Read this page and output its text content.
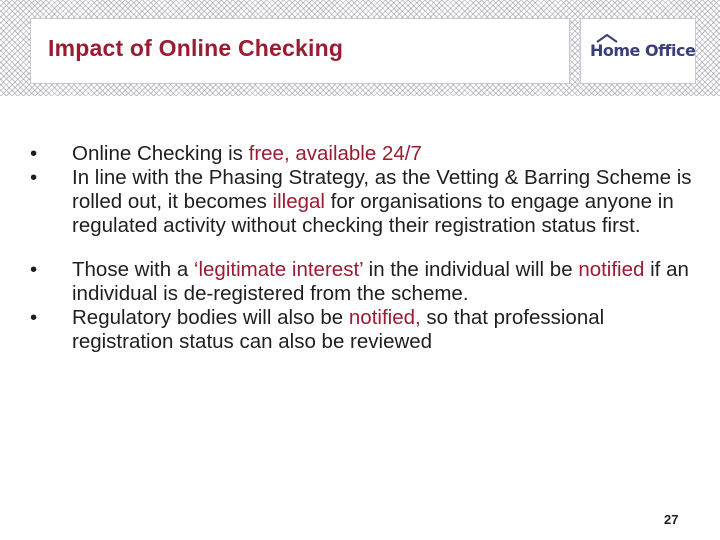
Impact of Online Checking	Home Office
• Online Checking is free, available 24/7
• In line with the Phasing Strategy, as the Vetting & Barring Scheme is rolled out, it becomes illegal for organisations to engage anyone in regulated activity without checking their registration status first.
• Those with a ‘legitimate interest’ in the individual will be notified if an individual is de-registered from the scheme.
• Regulatory bodies will also be notified, so that professional registration status can also be reviewed
27
